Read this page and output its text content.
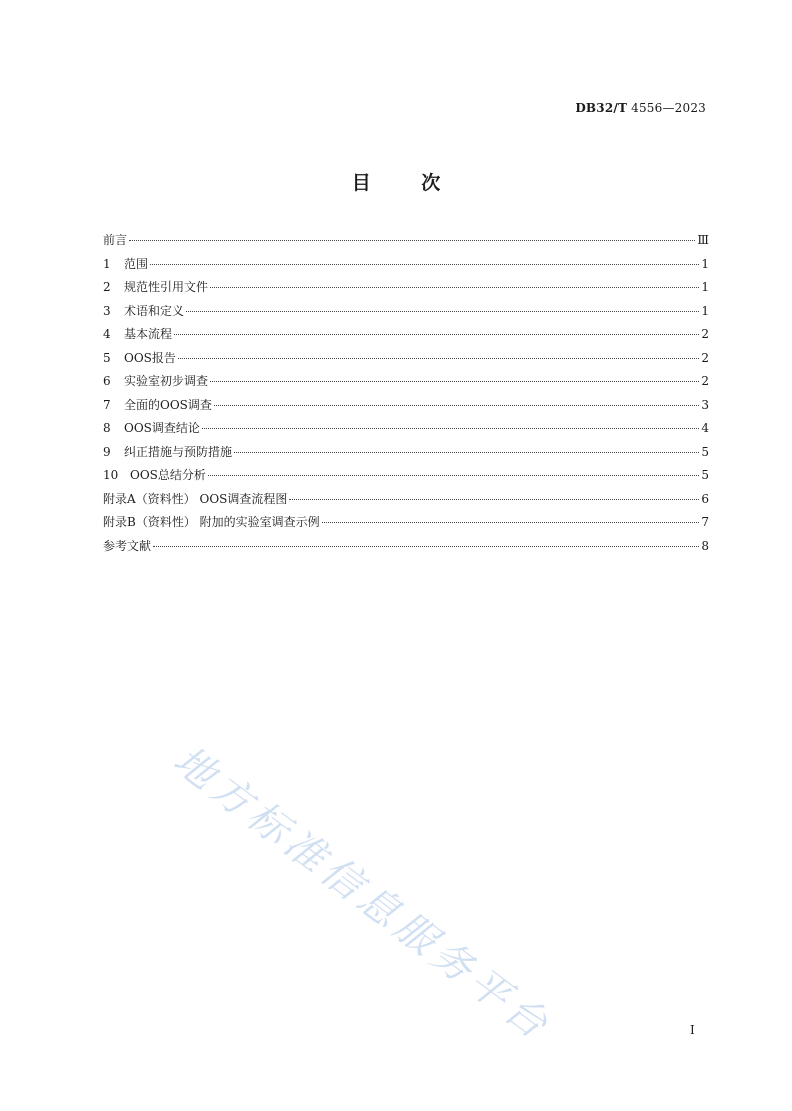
DB32/T 4556—2023
目 次
前言	Ⅲ
1	范围	1
2	规范性引用文件	1
3	术语和定义	1
4	基本流程	2
5	OOS报告	2
6	实验室初步调查	2
7	全面的OOS调查	3
8	OOS调查结论	4
9	纠正措施与预防措施	5
10 OOS总结分析	5
附录A（资料性） OOS调查流程图	6
附录B（资料性） 附加的实验室调查示例	7
参考文献	8
地方标准信息服务平台	I
